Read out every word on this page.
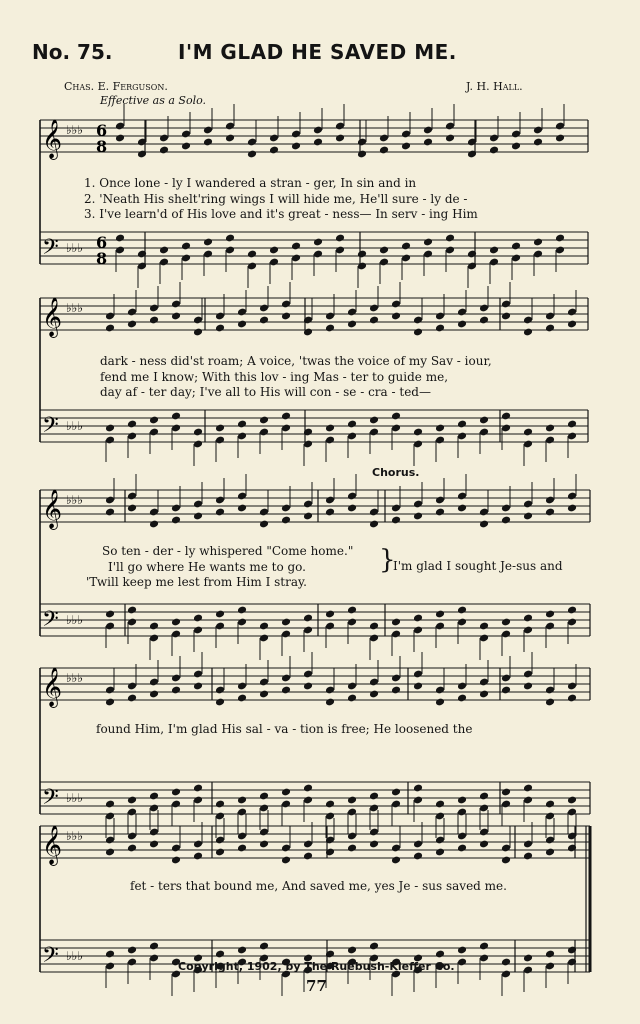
No. 75.	I'M GLAD HE SAVED ME.
Chas. E. Ferguson.	J. H. Hall.
Effective as a Solo.
𝄞
𝄢
♭♭♭
♭♭♭
𝄞
𝄢
♭♭♭
♭♭♭
𝄞
𝄢
♭♭♭
♭♭♭
𝄞
𝄢
♭♭♭
♭♭♭
𝄞
𝄢
♭♭♭
♭♭♭
6
8
6
8
1. Once lone - ly I wandered a stran - ger, In sin and in
2. 'Neath His shelt'ring wings I will hide me, He'll sure - ly de -
3. I've learn'd of His love and it's great - ness— In serv - ing Him
dark - ness did'st roam; A voice, 'twas the voice of my Sav - iour,
fend me I know; With this lov - ing Mas - ter to guide me,
day af - ter day; I've all to His will con - se - cra - ted—
Chorus.
So ten - der - ly whispered "Come home."
I'll go where He wants me to go.
'Twill keep me lest from Him I stray.
}
I'm glad I sought Je-sus and
found Him, I'm glad His sal - va - tion is free; He loosened the
fet - ters that bound me, And saved me, yes Je - sus saved me.
Copyright, 1902, by The Ruebush-Kieffer Co.
77
